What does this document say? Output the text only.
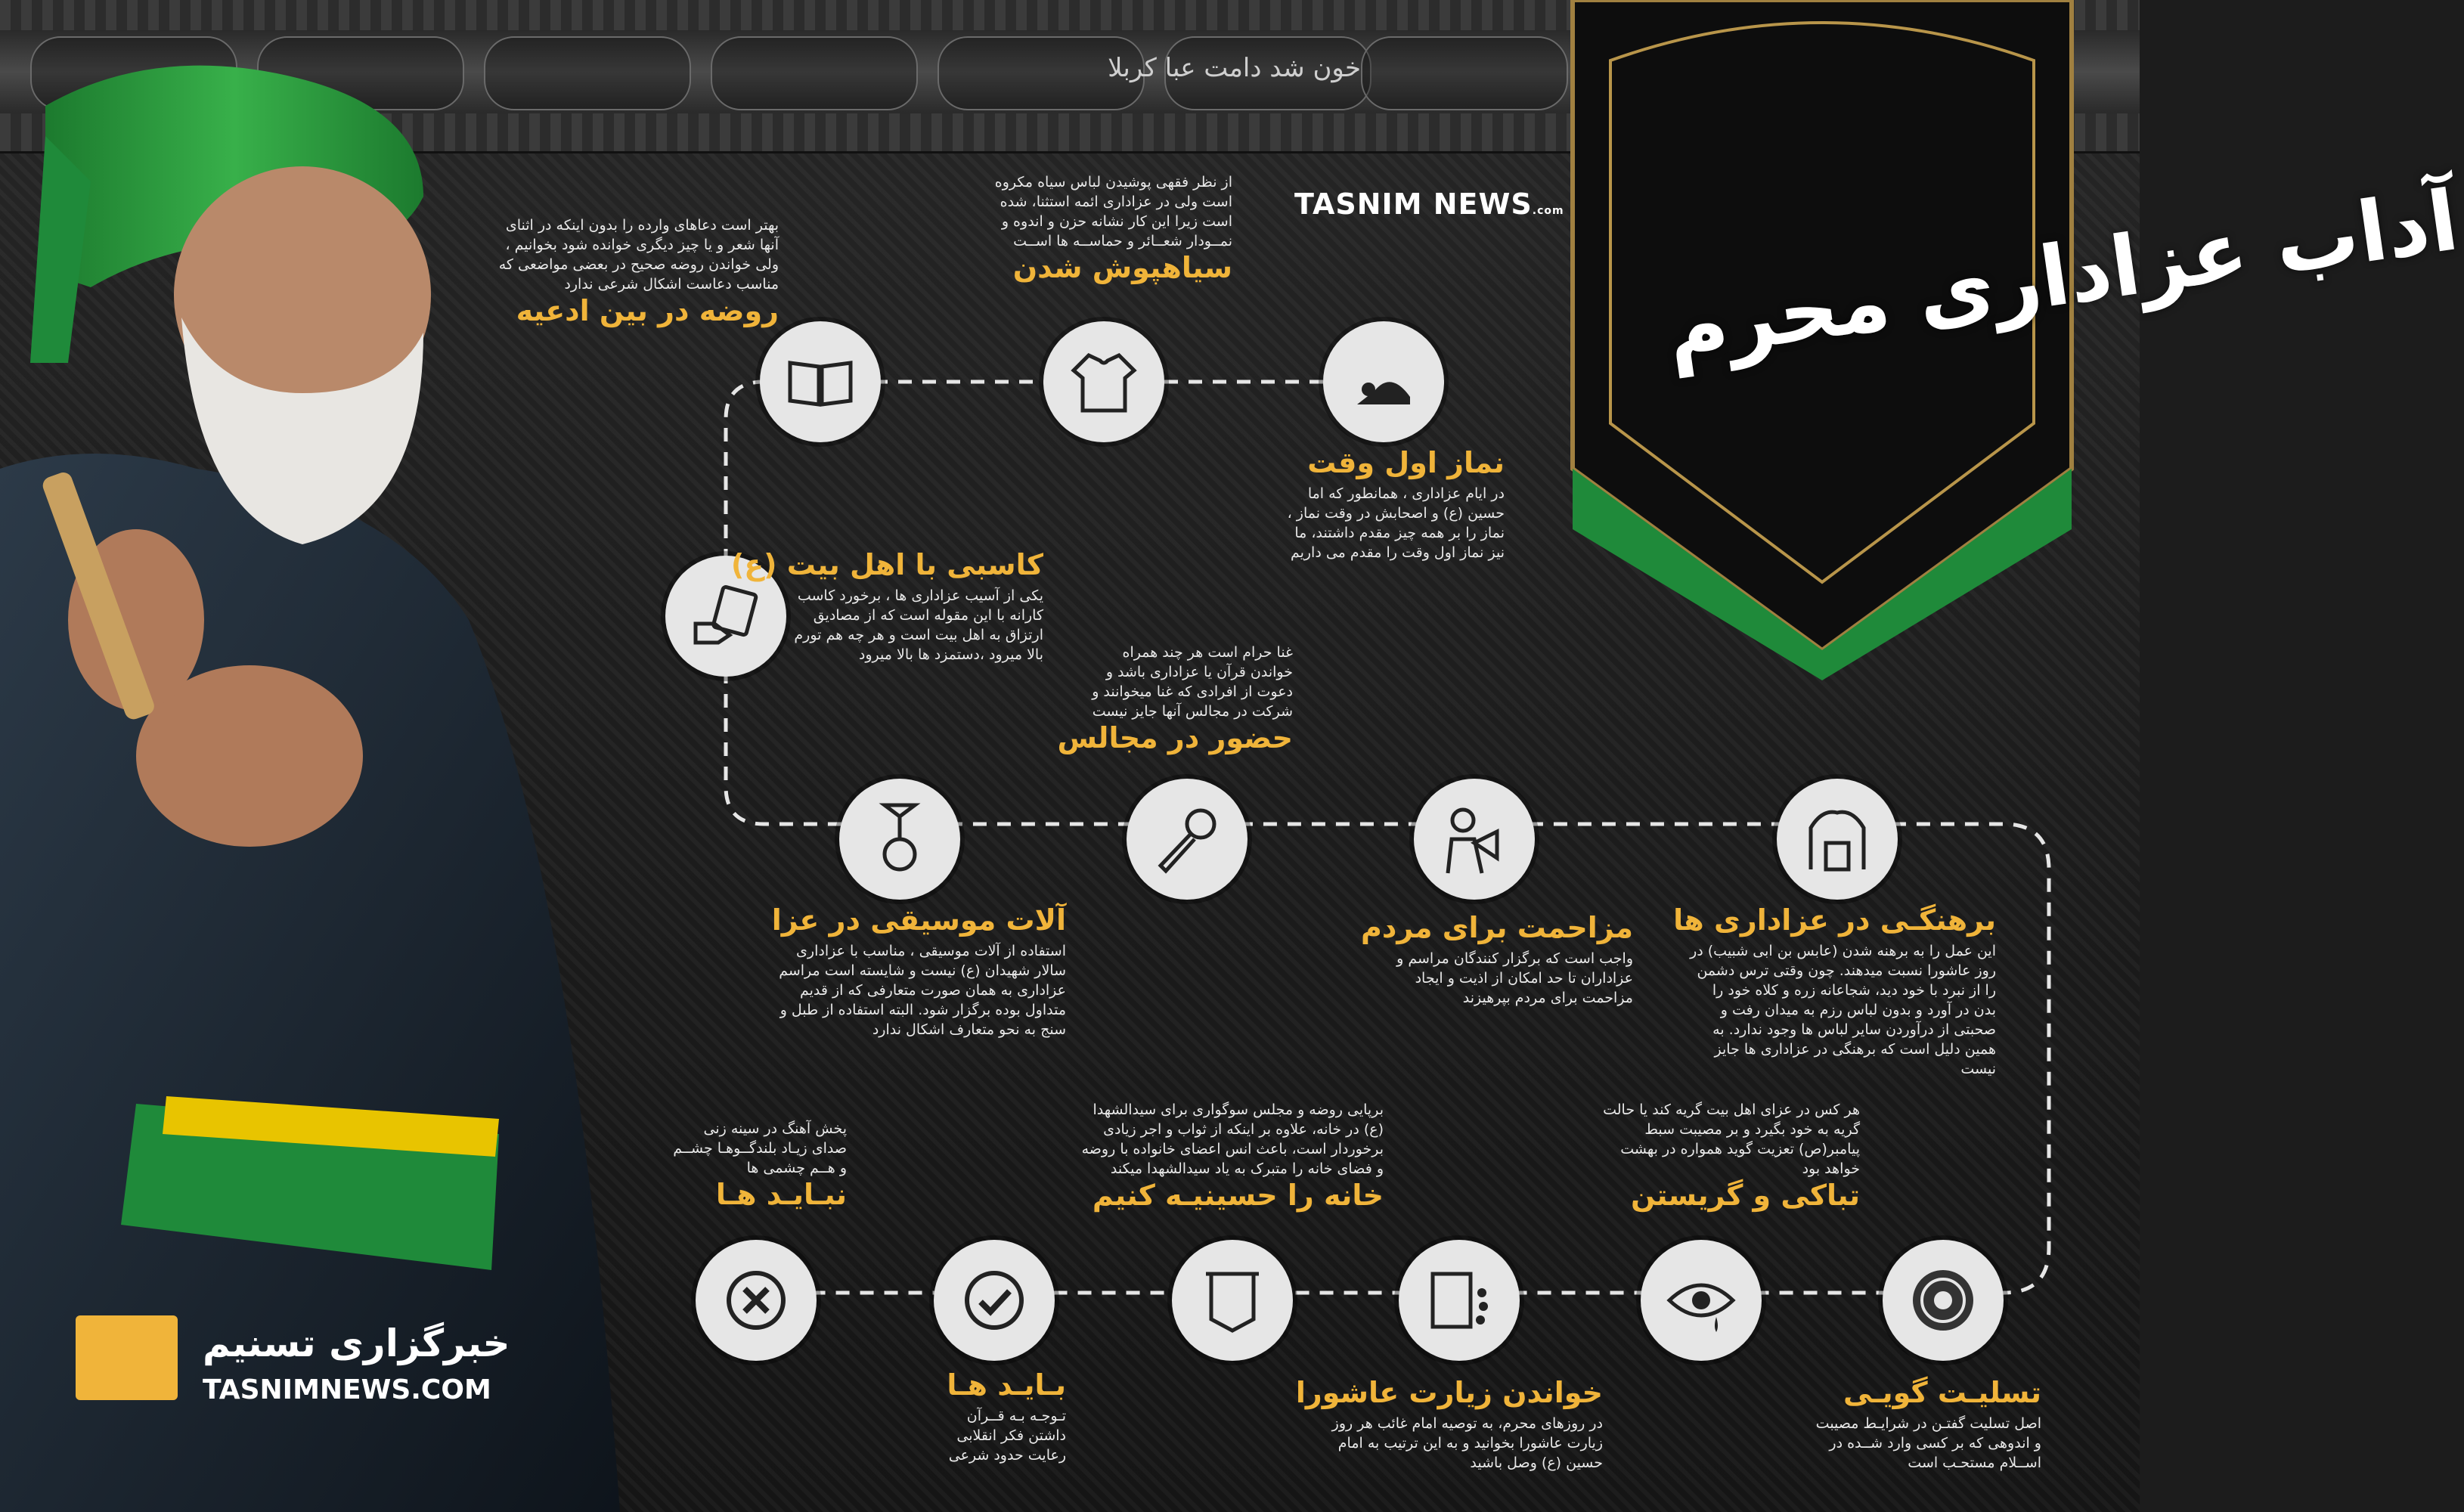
خون شد دامت عبا کربلا
آداب عزاداری محرم
TASNIM NEWS.com
از نظر فقهی پوشیدن لباس سیاه مکروه است ولی در عزاداری ائمه استثنا، شده است زیرا این کار نشانه حزن و اندوه و نمــودار شعــائر و حماســه ها اســت
سیاهپوش شدن
بهتر است دعاهای وارده را بدون اینکه در اثنای آنها شعر و یا چیز دیگری خوانده شود بخوانیم ، ولی خواندن روضه صحیح در بعضی مواضعی که مناسب دعاست اشکال شرعی ندارد
روضه در بین ادعیه
نماز اول وقت
در ایام عزاداری ، همانطور که اما حسین (ع) و اصحابش در وقت نماز ، نماز را بر همه چیز مقدم داشتند، ما نیز نماز اول وقت را مقدم می داریم
کاسبی با اهل بیت (ع)
یکی از آسیب عزاداری ها ، برخورد کاسب کارانه با این مقوله است که از مصادیق ارتزاق به اهل بیت است و هر چه هم تورم بالا میرود ،دستمزد ها بالا میرود	غنا حرام است هر چند همراه خواندن قرآن یا عزاداری باشد و دعوت از افرادی که غنا میخوانند و شرکت در مجالس آنها جایز نیست
حضور در مجالس
آلات موسیقی در عزا
استفاده از آلات موسیقی ، مناسب با عزاداری سالار شهیدان (ع) نیست و شایسته است مراسم عزاداری به همان صورت متعارفی که از قدیم متداول بوده برگزار شود. البته استفاده از طبل و سنج به نحو متعارف اشکال ندارد
مزاحمت برای مردم
واجب است که برگزار کنندگان مراسم و عزاداران تا حد امکان از اذیت و ایجاد مزاحمت برای مردم بپرهیزند
برهنگـی در عزاداری ها
این عمل را به برهنه شدن (عابس بن ابی شبیب) در روز عاشورا نسبت میدهند. چون وقتی ترس دشمن را از نبرد با خود دید، شجاعانه زره و کلاه خود را بدن در آورد و بدون لباس رزم به میدان رفت و صحبتی از درآوردن سایر لباس ها وجود ندارد. به همین دلیل است که برهنگی در عزاداری ها جایز نیست
پخش آهنگ در سینه زنی صدای زیـاد بلندگــوهـا چشــم و هــم چشمی ها
نبـایـد هـا
برپایی روضه و مجلس سوگواری برای سیدالشهدا (ع) در خانه، علاوه بر اینکه از ثواب و اجر زیادی برخوردار است، باعث انس اعضای خانواده با روضه و فضای خانه را متبرک به یاد سیدالشهدا میکند
خانه را حسینیـه کنیم
هر کس در عزای اهل بیت گریه کند یا حالت گریه به خود بگیرد و بر مصیبت سبط پیامبر(ص) تعزیت گوید همواره در بهشت خواهد بود
تباکی و گریستن
بـایـد هـا
تـوجـه بـه قــرآن داشتن فکر انقلابی رعایت حدود شرعی
خواندن زیارت عاشورا
در روزهای محرم، به توصیه امام غائب هر روز زیارت عاشورا بخوانید و به این ترتیب به امام حسین (ع) وصل باشید
تسلیـت گویـی
اصل تسلیت گفتـن در شرایـط مصیبت و اندوهی که بر کسی وارد شــده در اســلام مستحـب است
خبرگزاری تسنیم
TASNIMNEWS.COM
